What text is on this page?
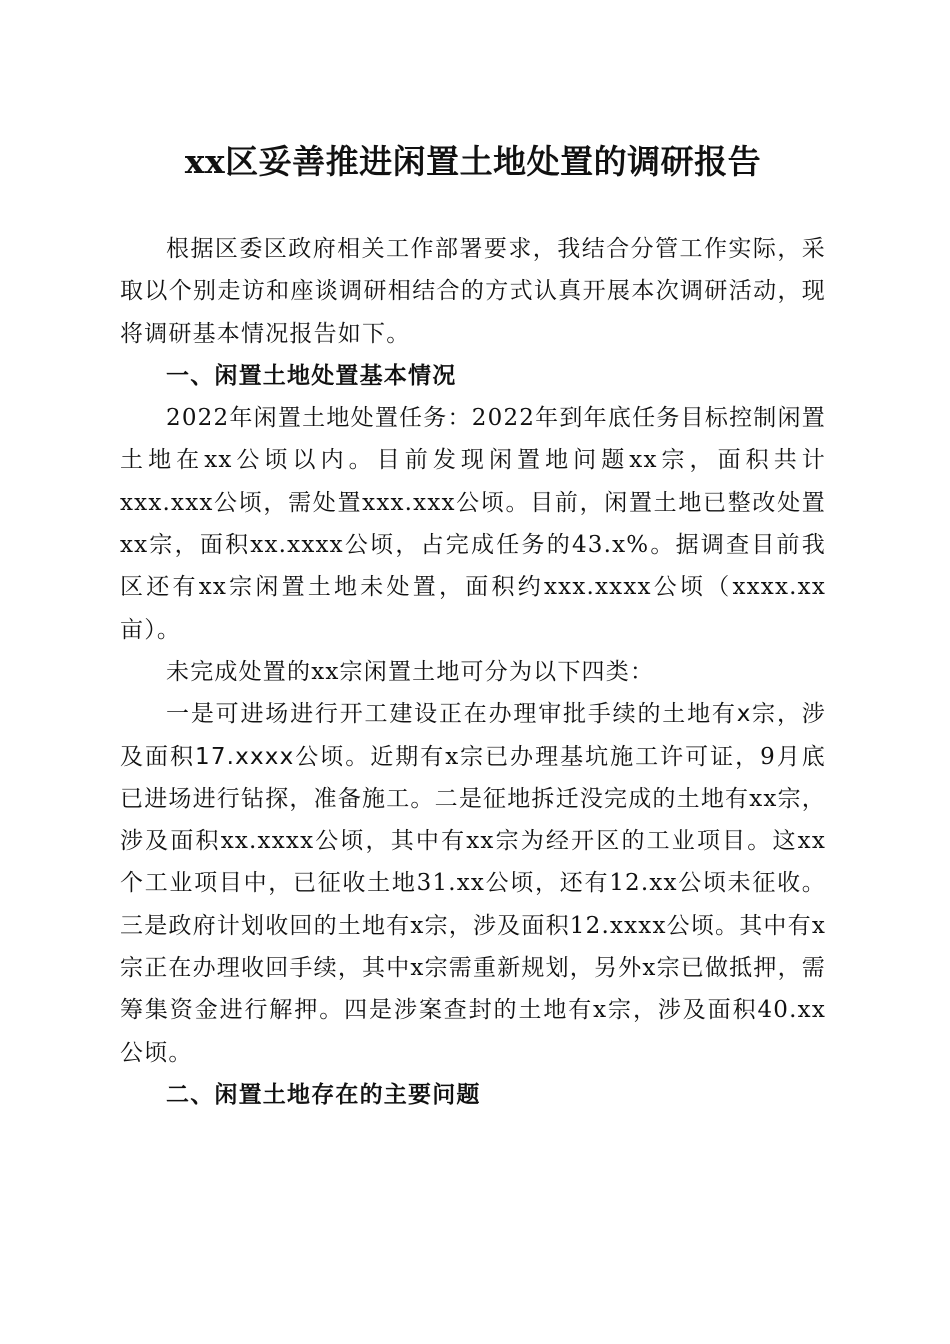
xx区妥善推进闲置土地处置的调研报告

根据区委区政府相关工作部署要求，我结合分管工作实际，采取以个别走访和座谈调研相结合的方式认真开展本次调研活动，现将调研基本情况报告如下。

一、闲置土地处置基本情况

2022年闲置土地处置任务：2022年到年底任务目标控制闲置土地在xx公顷以内。目前发现闲置地问题xx宗，面积共计xxx.xxx公顷，需处置xxx.xxx公顷。目前，闲置土地已整改处置xx宗，面积xx.xxxx公顷，占完成任务的43.x%。据调查目前我区还有xx宗闲置土地未处置，面积约xxx.xxxx公顷（xxxx.xx亩）。

未完成处置的xx宗闲置土地可分为以下四类：

一是可进场进行开工建设正在办理审批手续的土地有x宗，涉及面积17.xxxx公顷。近期有x宗已办理基坑施工许可证，9月底已进场进行钻探，准备施工。二是征地拆迁没完成的土地有xx宗，涉及面积xx.xxxx公顷，其中有xx宗为经开区的工业项目。这xx个工业项目中，已征收土地31.xx公顷，还有12.xx公顷未征收。三是政府计划收回的土地有x宗，涉及面积12.xxxx公顷。其中有x宗正在办理收回手续，其中x宗需重新规划，另外x宗已做抵押，需筹集资金进行解押。四是涉案查封的土地有x宗，涉及面积40.xx公顷。

二、闲置土地存在的主要问题
